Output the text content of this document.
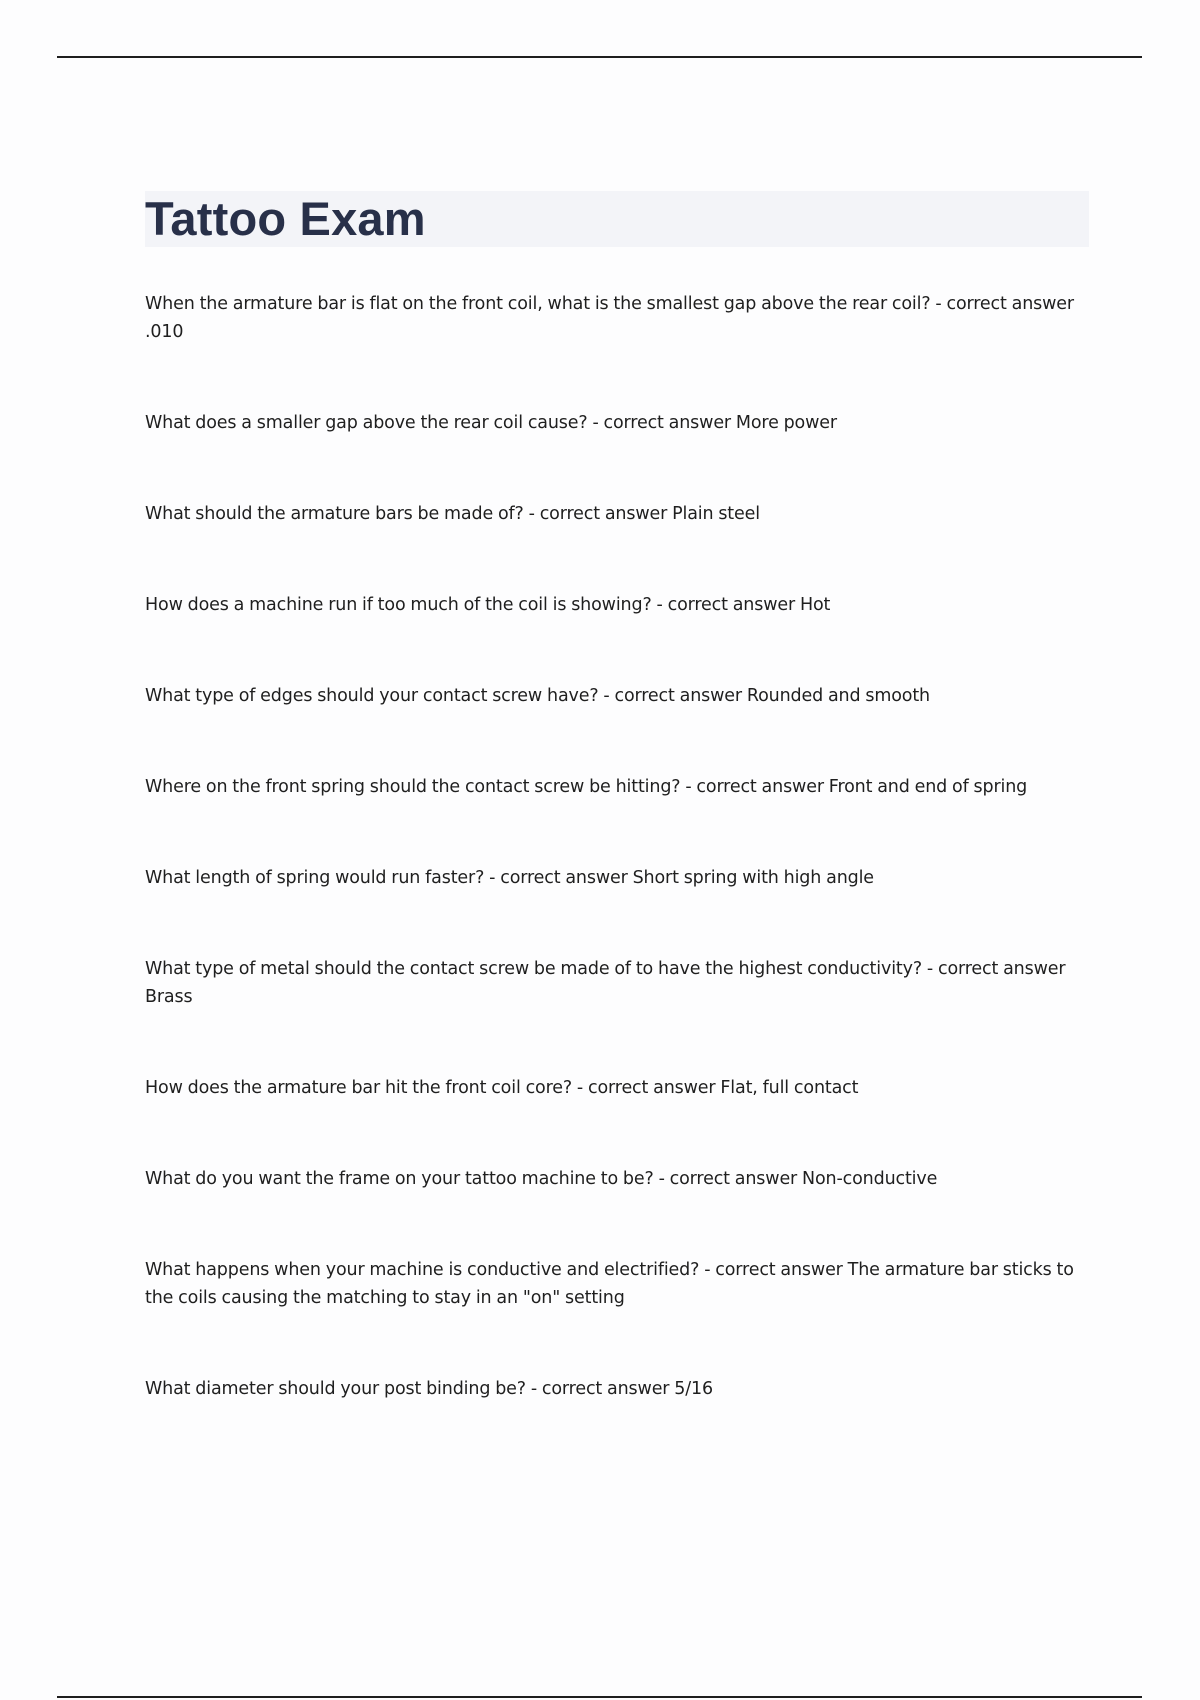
Tattoo Exam
When the armature bar is flat on the front coil, what is the smallest gap above the rear coil? - correct answer .010
What does a smaller gap above the rear coil cause? - correct answer More power
What should the armature bars be made of? - correct answer Plain steel
How does a machine run if too much of the coil is showing? - correct answer Hot
What type of edges should your contact screw have? - correct answer Rounded and smooth
Where on the front spring should the contact screw be hitting? - correct answer Front and end of spring
What length of spring would run faster? - correct answer Short spring with high angle
What type of metal should the contact screw be made of to have the highest conductivity? - correct answer Brass
How does the armature bar hit the front coil core? - correct answer Flat, full contact
What do you want the frame on your tattoo machine to be? - correct answer Non-conductive
What happens when your machine is conductive and electrified? - correct answer The armature bar sticks to the coils causing the matching to stay in an "on" setting
What diameter should your post binding be? - correct answer 5/16
